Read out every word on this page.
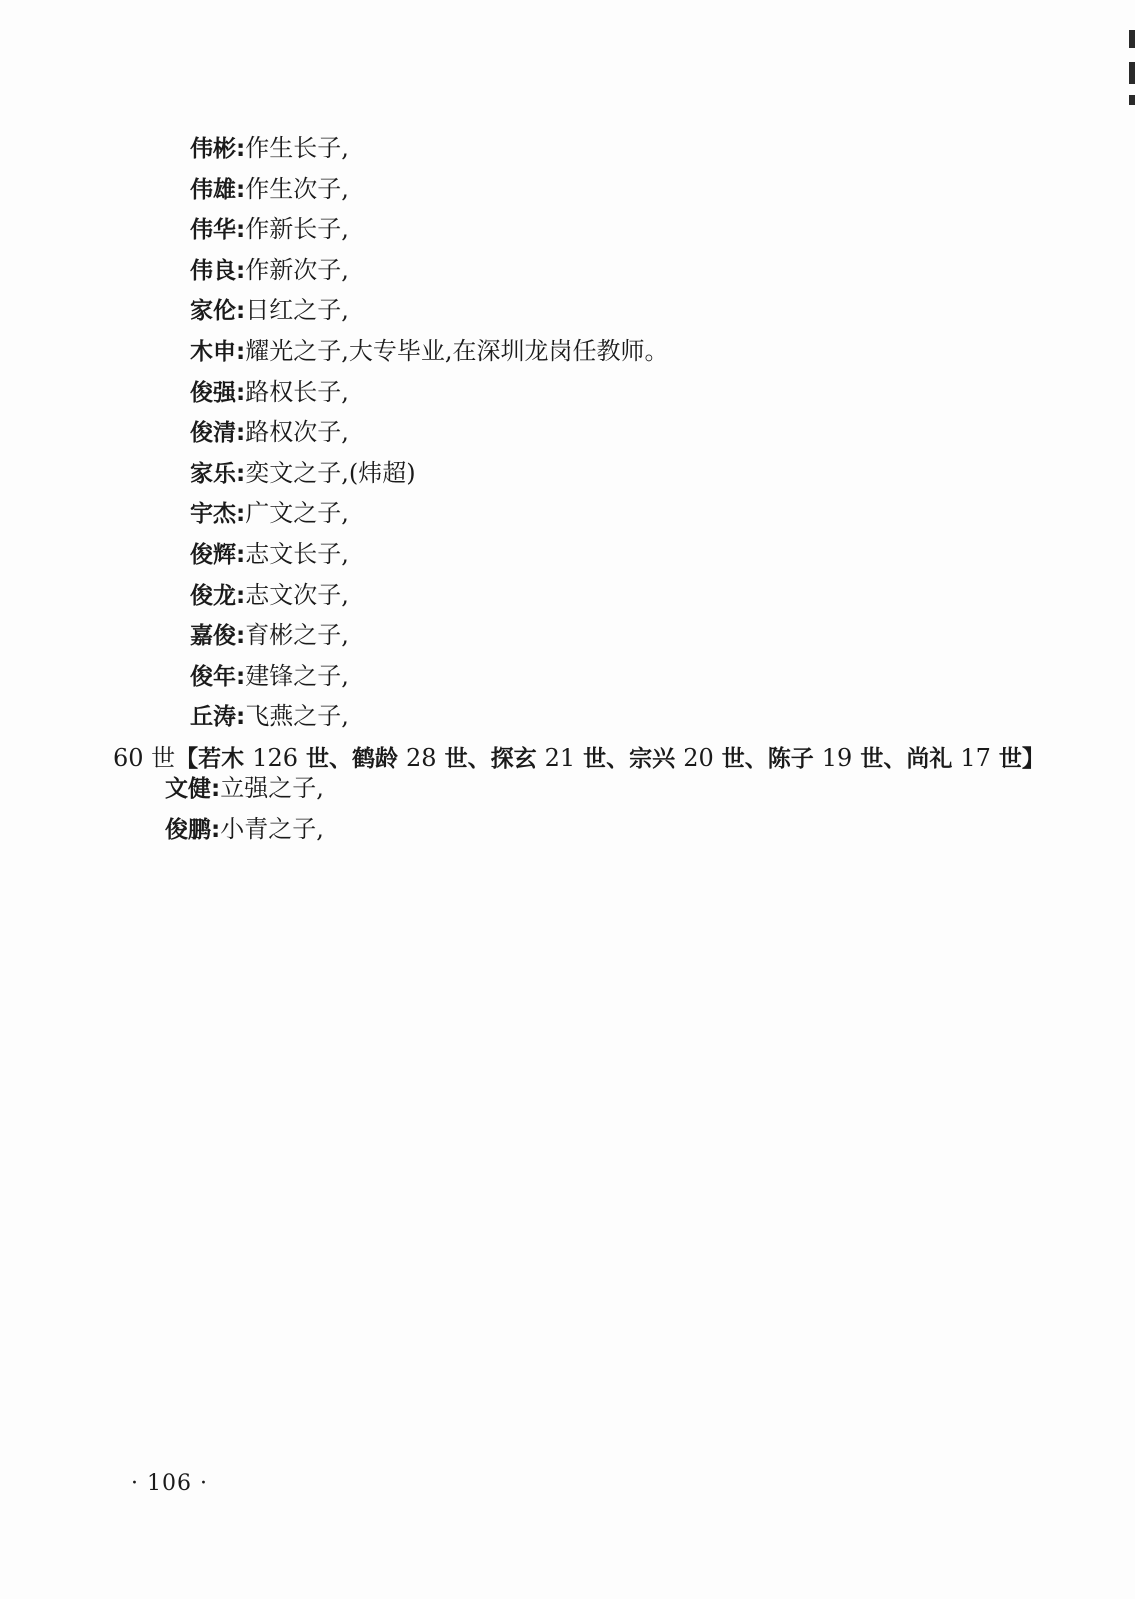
伟彬:作生长子,
伟雄:作生次子,
伟华:作新长子,
伟良:作新次子,
家伦:日红之子,
木申:耀光之子,大专毕业,在深圳龙岗任教师。
俊强:路权长子,
俊清:路权次子,
家乐:奕文之子,(炜超)
宇杰:广文之子,
俊辉:志文长子,
俊龙:志文次子,
嘉俊:育彬之子,
俊年:建锋之子,
丘涛:飞燕之子,
60 世【若木 126 世、鹤龄 28 世、探玄 21 世、宗兴 20 世、陈子 19 世、尚礼 17 世】
文健:立强之子,
俊鹏:小青之子,
· 106 ·
